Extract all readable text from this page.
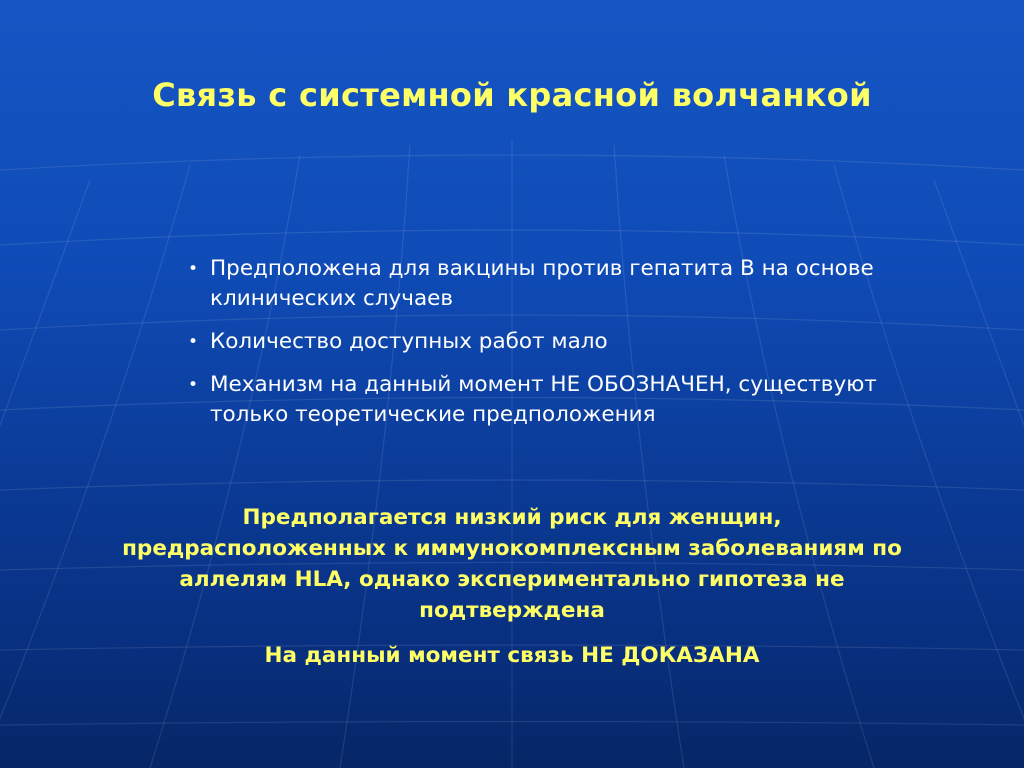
Связь с системной красной волчанкой
• Предположена для вакцины против гепатита В на основе клинических случаев
• Количество доступных работ мало
• Механизм на данный момент НЕ ОБОЗНАЧЕН, существуют только теоретические предположения
Предполагается низкий риск для женщин, предрасположенных к иммунокомплексным заболеваниям по аллелям HLA, однако экспериментально гипотеза не подтверждена
На данный момент связь НЕ ДОКАЗАНА
